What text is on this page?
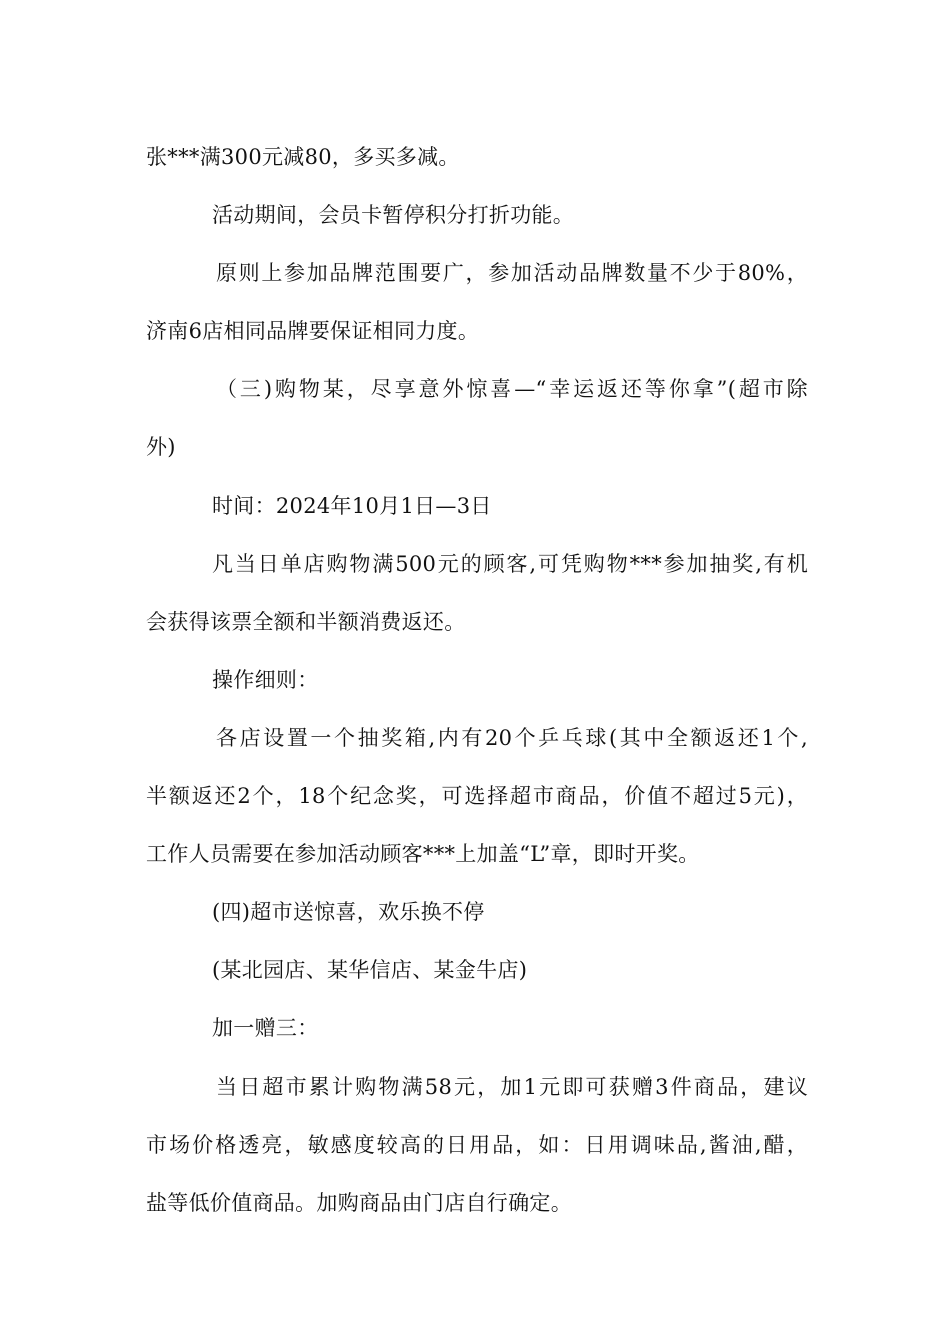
张***满300元减80，多买多减。
活动期间，会员卡暂停积分打折功能。
原则上参加品牌范围要广，参加活动品牌数量不少于80%，
济南6店相同品牌要保证相同力度。
（三)购物某，尽享意外惊喜—“幸运返还等你拿”(超市除
外)
时间：2024年10月1日—3日
凡当日单店购物满500元的顾客,可凭购物***参加抽奖,有机
会获得该票全额和半额消费返还。
操作细则：
各店设置一个抽奖箱,内有20个乒乓球(其中全额返还1个,
半额返还2个，18个纪念奖，可选择超市商品，价值不超过5元)，
工作人员需要在参加活动顾客***上加盖“L”章，即时开奖。
(四)超市送惊喜，欢乐换不停
(某北园店、某华信店、某金牛店)
加一赠三：
当日超市累计购物满58元，加1元即可获赠3件商品，建议
市场价格透亮，敏感度较高的日用品，如：日用调味品,酱油,醋，
盐等低价值商品。加购商品由门店自行确定。
